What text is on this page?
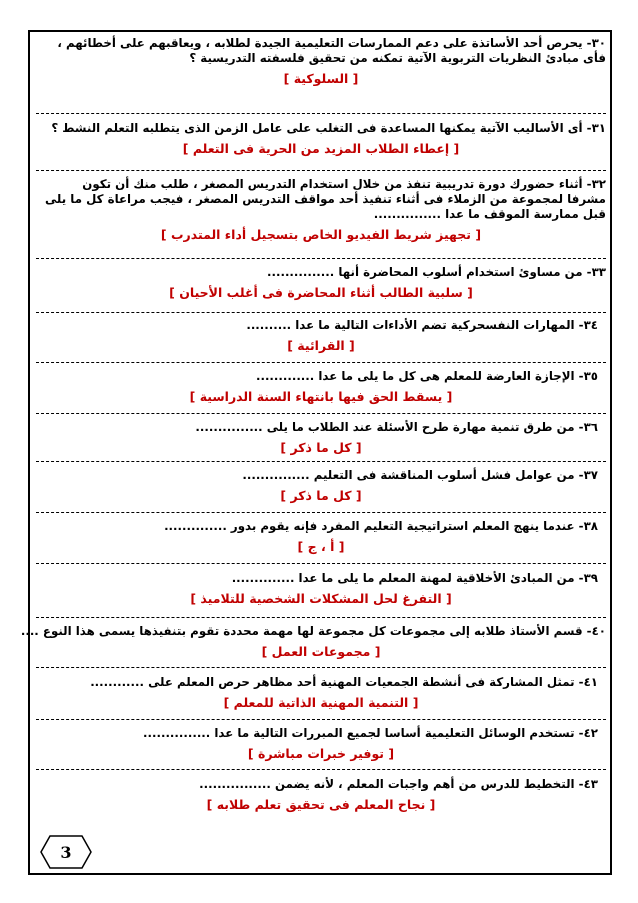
٣٠- يحرص أحد الأساتذة على دعم الممارسات التعليمية الجيدة لطلابه ، ويعاقبهم على أخطائهم ،
فأى مبادئ النظريات التربوية الآتية تمكنه من تحقيق فلسفته التدريسية ؟
[ السلوكية ]
٣١- أى الأساليب الآتية يمكنها المساعدة فى التغلب على عامل الزمن الذى يتطلبه التعلم النشط ؟
[ إعطاء الطلاب المزيد من الحرية فى التعلم ]
٣٢- أثناء حضورك دورة تدريبية تنفذ من خلال استخدام التدريس المصغر ، طلب منك أن تكون
مشرفا لمجموعة من الزملاء فى أثناء تنفيذ أحد مواقف التدريس المصغر ، فيجب مراعاة كل ما يلى
قبل ممارسة الموقف ما عدا ...............
[ تجهيز شريط الفيديو الخاص بتسجيل أداء المتدرب ]
٣٣- من مساوئ استخدام أسلوب المحاضرة أنها ...............
[ سلبية الطالب أثناء المحاضرة فى أغلب الأحيان ]
٣٤- المهارات النفسحركية تضم الأداءات التالية ما عدا ..........
[ القرائية ]
٣٥- الإجازة العارضة للمعلم هى كل ما يلى ما عدا .............
[ يسقط الحق فيها بانتهاء السنة الدراسية ]
٣٦- من طرق تنمية مهارة طرح الأسئلة عند الطلاب ما يلى ...............
[ كل ما ذكر ]
٣٧- من عوامل فشل أسلوب المناقشة فى التعليم ...............
[ كل ما ذكر ]
٣٨- عندما ينهج المعلم استراتيجية التعليم المفرد فإنه يقوم بدور ..............
[ أ ، ج ]
٣٩- من المبادئ الأخلاقية لمهنة المعلم ما يلى ما عدا ..............
[ التفرغ لحل المشكلات الشخصية للتلاميذ ]
٤٠- قسم الأستاذ طلابه إلى مجموعات كل مجموعة لها مهمة محددة تقوم بتنفيذها يسمى هذا النوع ....
[ مجموعات العمل ]
٤١- تمثل المشاركة فى أنشطة الجمعيات المهنية أحد مظاهر حرص المعلم على ............
[ التنمية المهنية الذاتية للمعلم ]
٤٢- تستخدم الوسائل التعليمية أساسا لجميع المبررات التالية ما عدا ...............
[ توفير خبرات مباشرة ]
٤٣- التخطيط للدرس من أهم واجبات المعلم ، لأنه يضمن ................
[ نجاح المعلم فى تحقيق تعلم طلابه ]
3
